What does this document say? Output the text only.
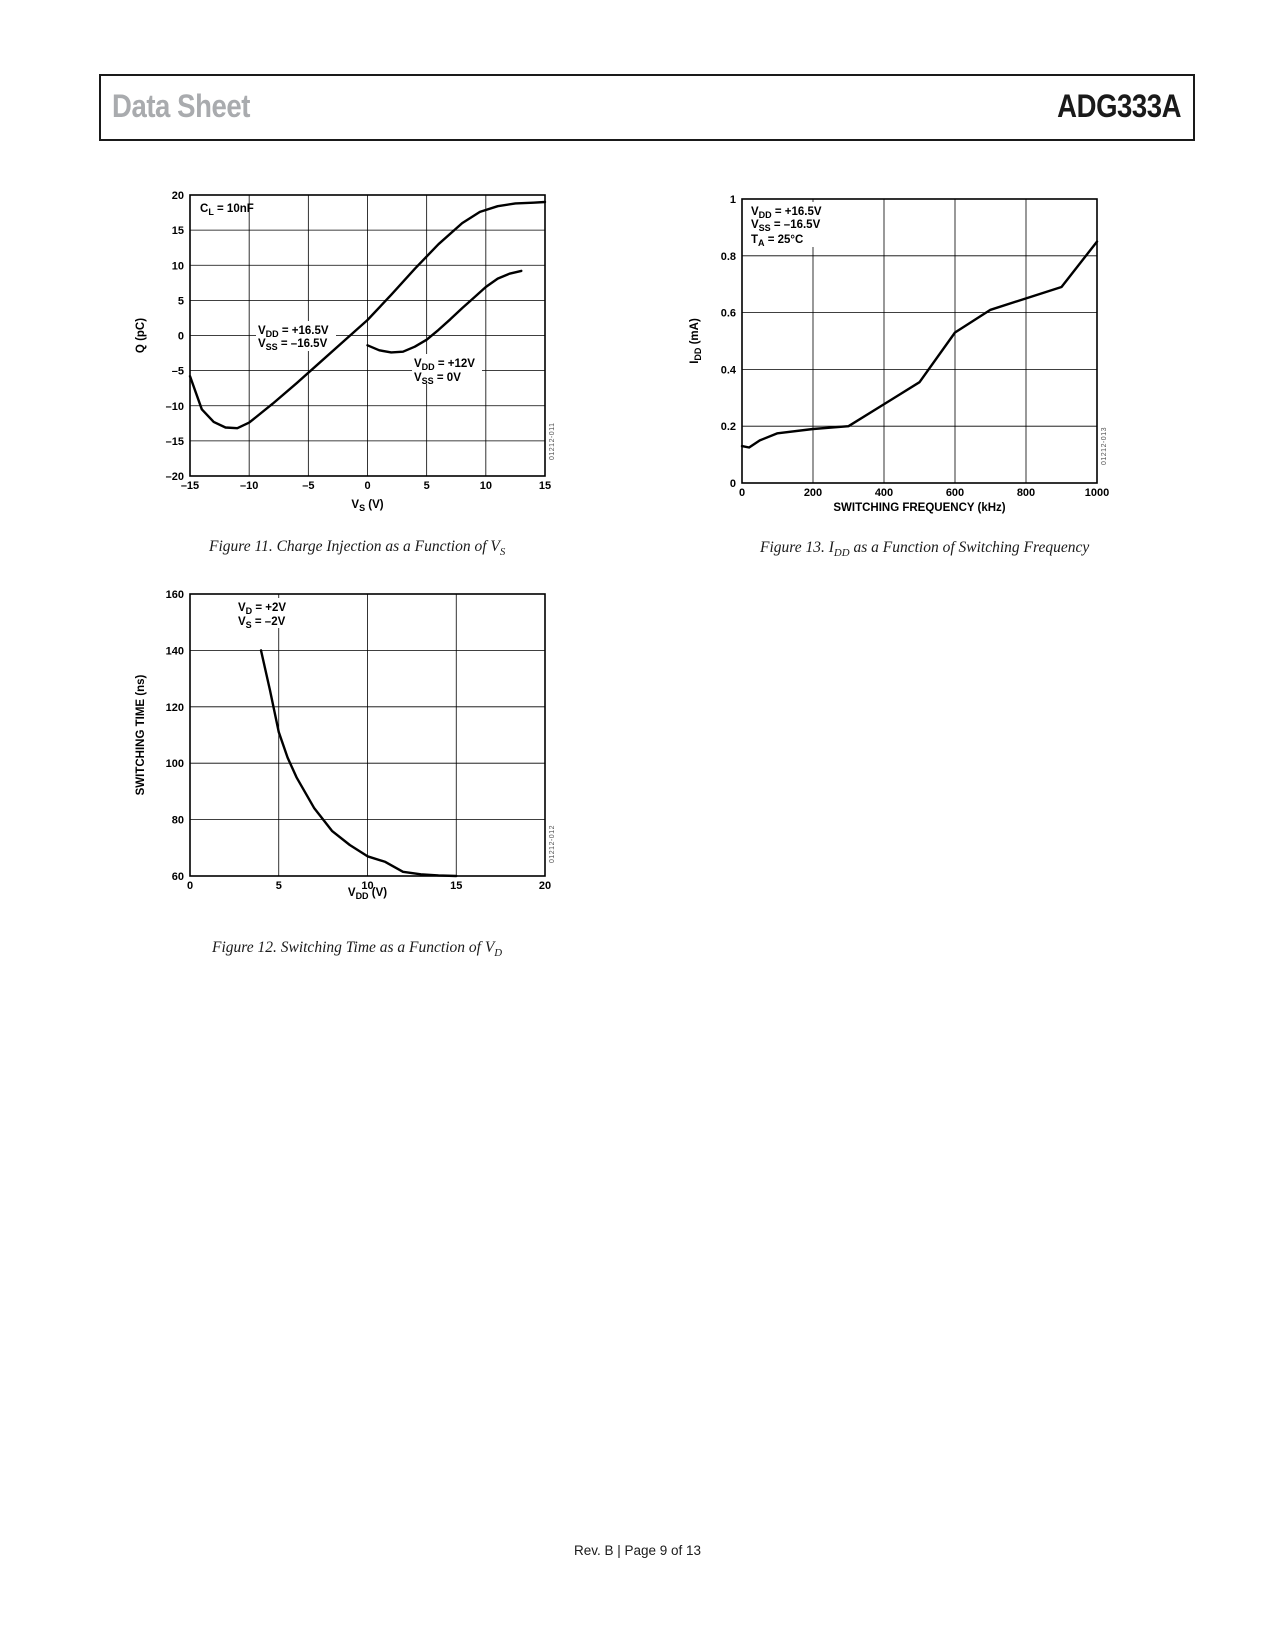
Data Sheet	ADG333A
–15	–10	–5	0	5	10	15
–20
–15
–10
–5
0
5
10
15
20
CL = 10nF
VDD = +16.5V
VSS = –16.5V
VDD = +12V
VSS = 0V
VS (V)
Q (pC)
01212-011
Figure 11. Charge Injection as a Function of $V_S$
0	200	400	600	800	1000
0
0.2
0.4
0.6
0.8
1
VDD = +16.5V
VSS = –16.5V
TA = 25°C
SWITCHING FREQUENCY (kHz)
IDD (mA)
01212-013
Figure 13. $I_{DD}$ as a Function of Switching Frequency
0	5	10	15	20
60
80
100
120
140
160
VD = +2V
VS = –2V
VDD (V)
SWITCHING TIME (ns)
01212-012
Figure 12. Switching Time as a Function of $V_D$
Rev. B | Page 9 of 13
